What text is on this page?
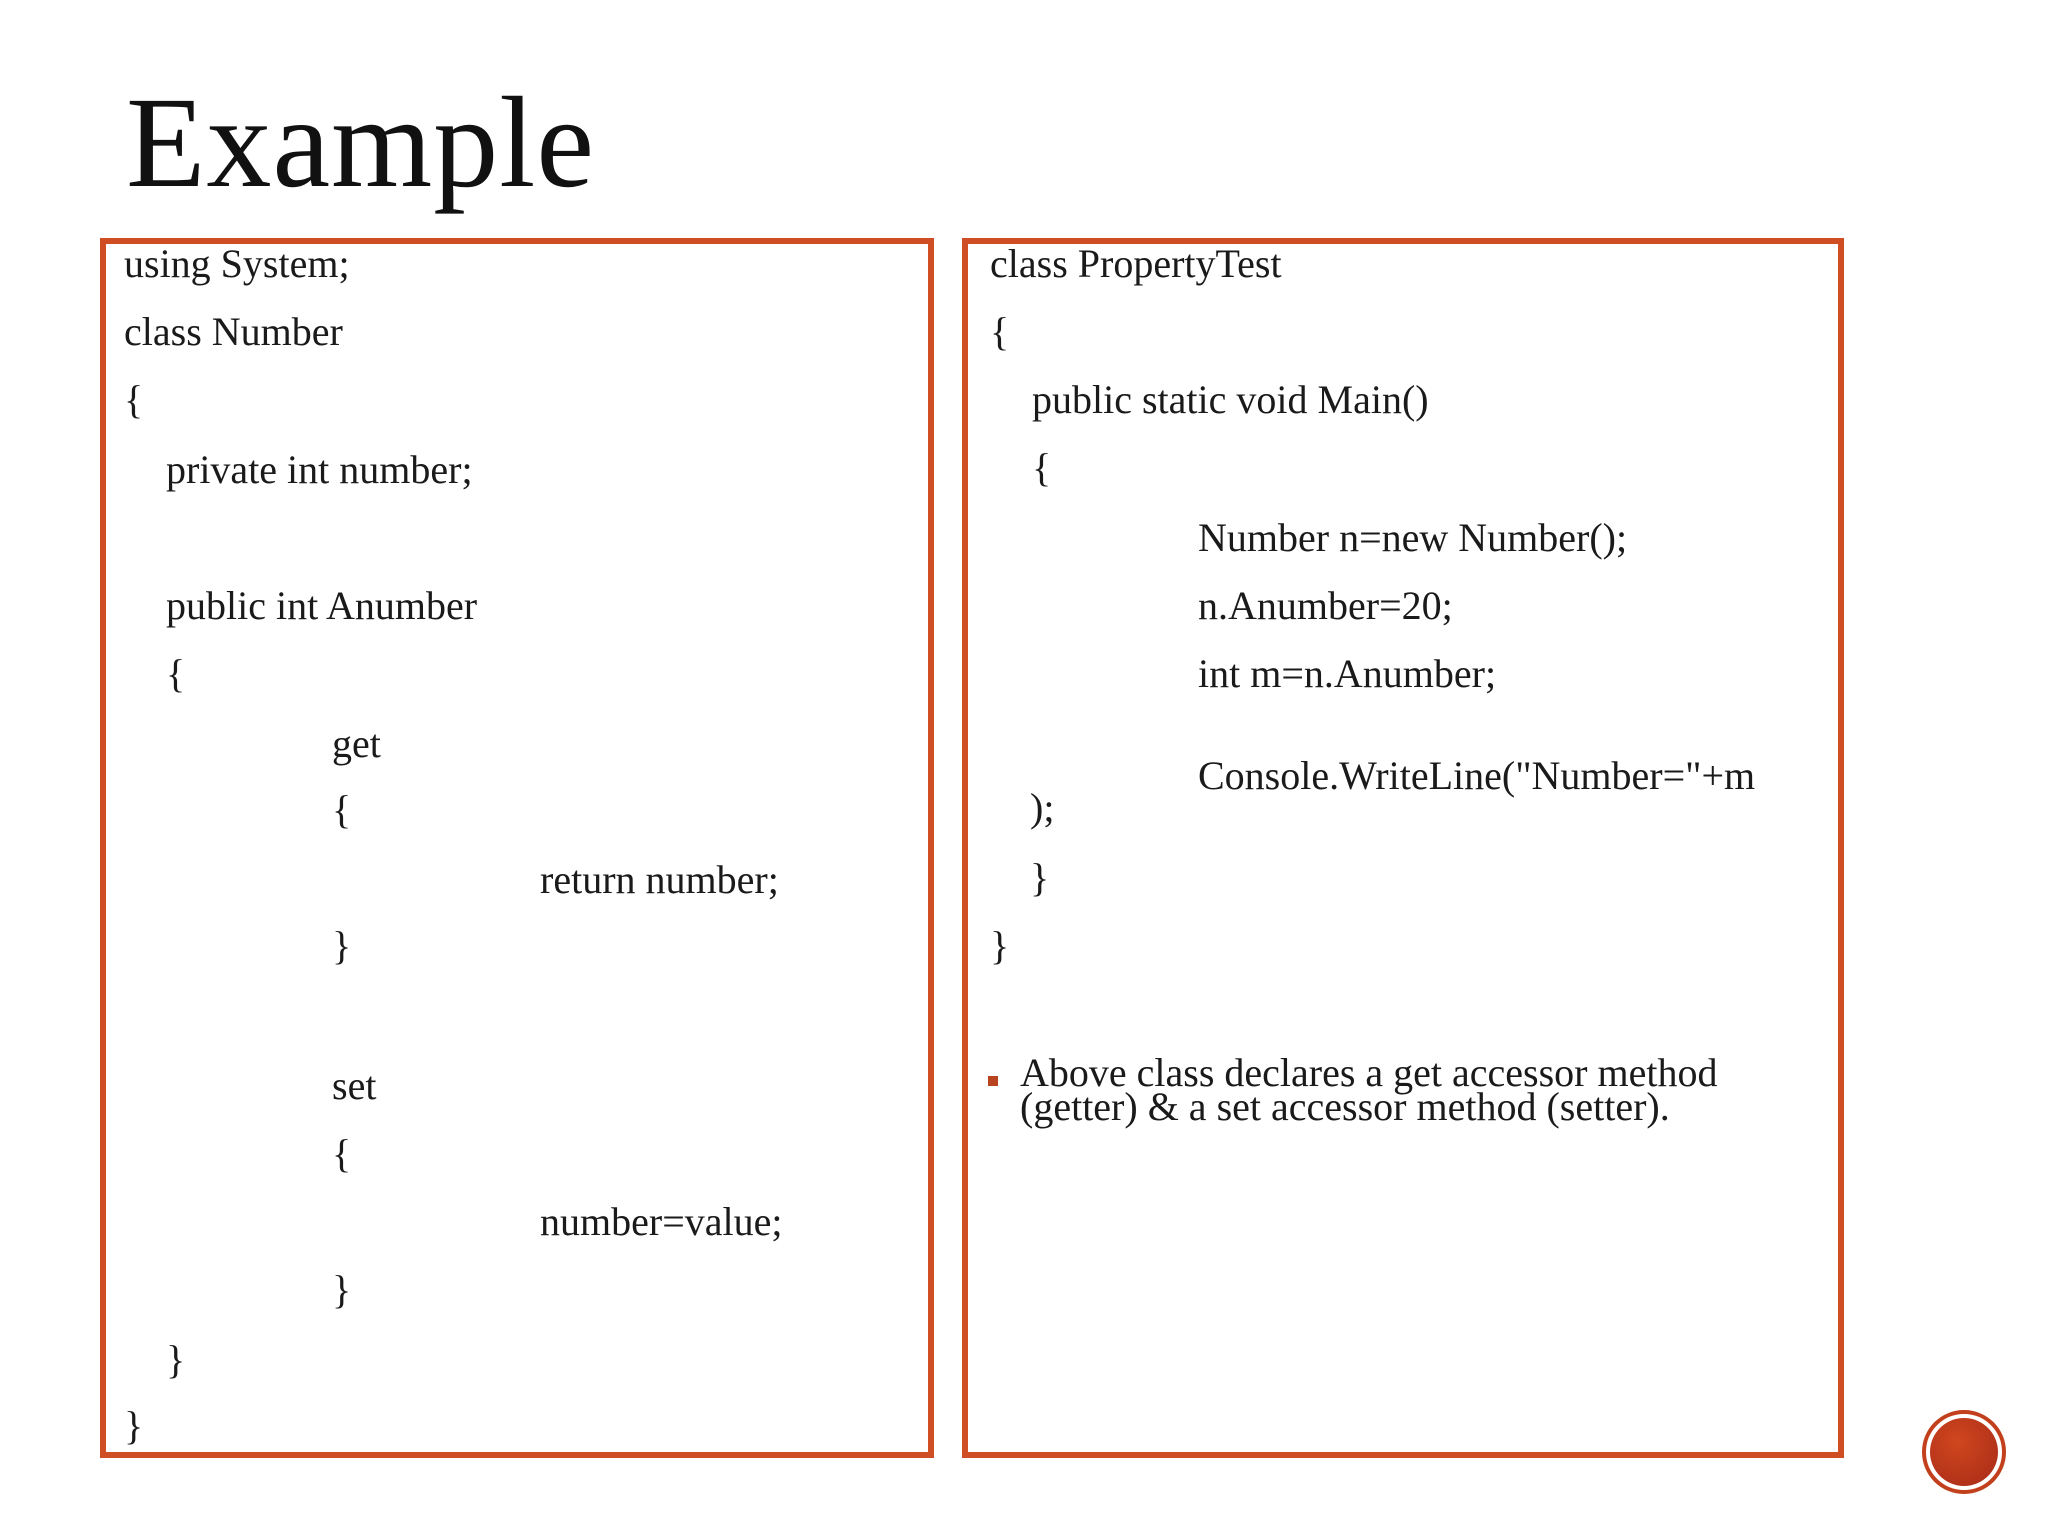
Example
using System;
class Number
{
private int number;
public int Anumber
{
get
{
return number;
}
set
{
number=value;
}
}
}
class PropertyTest
{
public static void Main()
{
Number n=new Number();
n.Anumber=20;
int m=n.Anumber;
Console.WriteLine("Number="+m
);
}
}
Above class declares a get accessor method (getter) & a set accessor method (setter).
